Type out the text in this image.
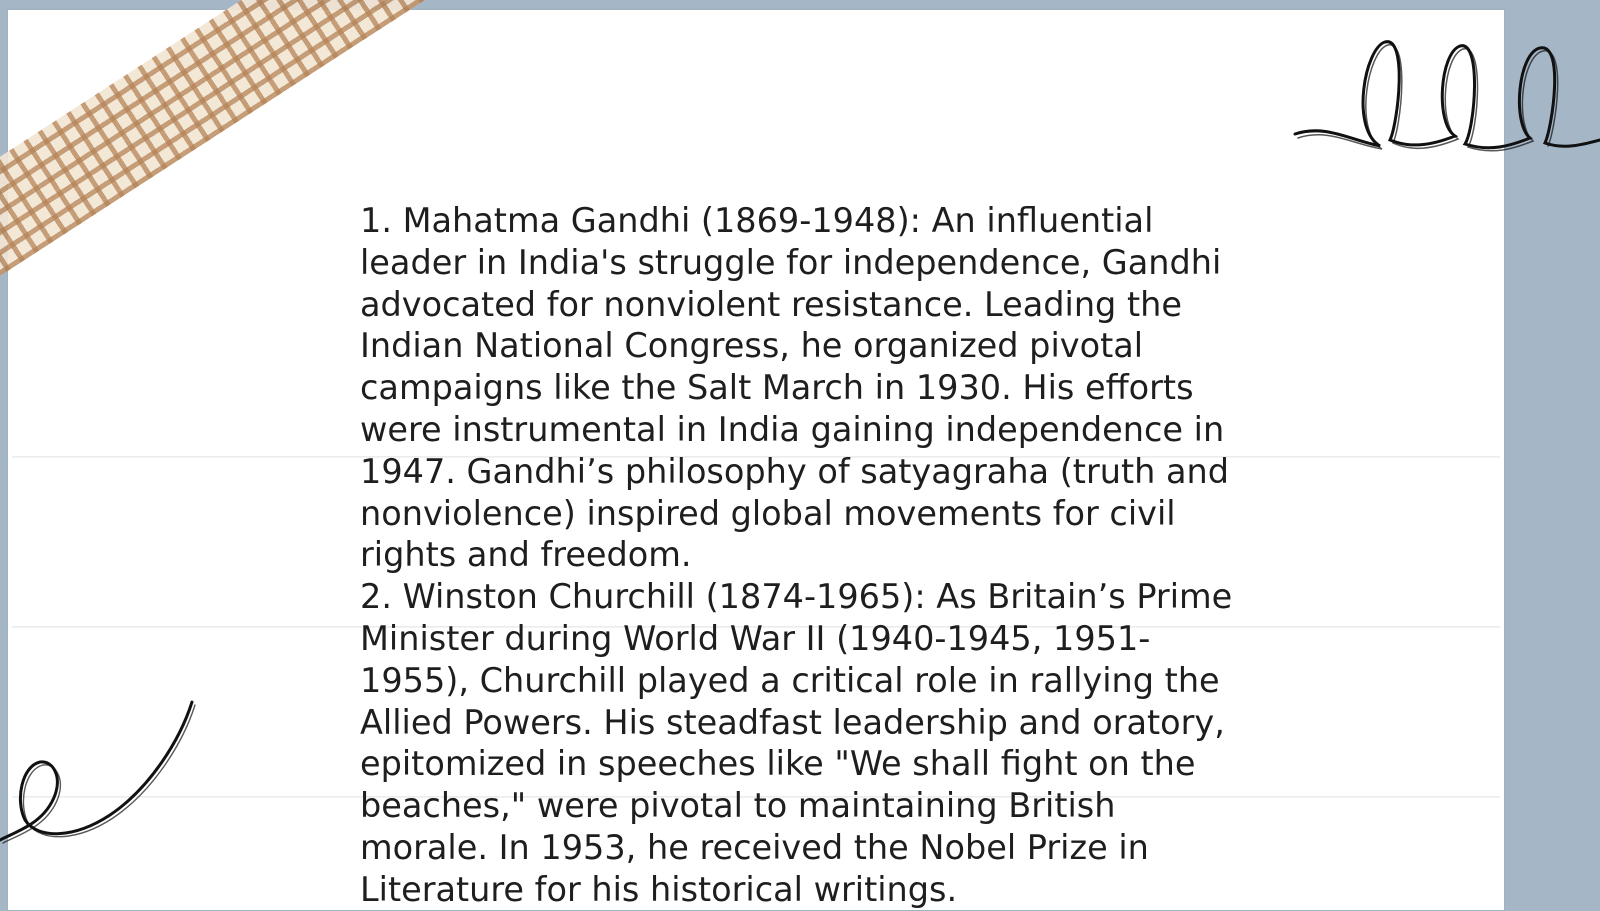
1. Mahatma Gandhi (1869-1948): An influential leader in India's struggle for independence, Gandhi advocated for nonviolent resistance. Leading the Indian National Congress, he organized pivotal campaigns like the Salt March in 1930. His efforts were instrumental in India gaining independence in 1947. Gandhi’s philosophy of satyagraha (truth and nonviolence) inspired global movements for civil rights and freedom.

2. Winston Churchill (1874-1965): As Britain’s Prime Minister during World War II (1940-1945, 1951-1955), Churchill played a critical role in rallying the Allied Powers. His steadfast leadership and oratory, epitomized in speeches like "We shall fight on the beaches," were pivotal to maintaining British morale. In 1953, he received the Nobel Prize in Literature for his historical writings.
